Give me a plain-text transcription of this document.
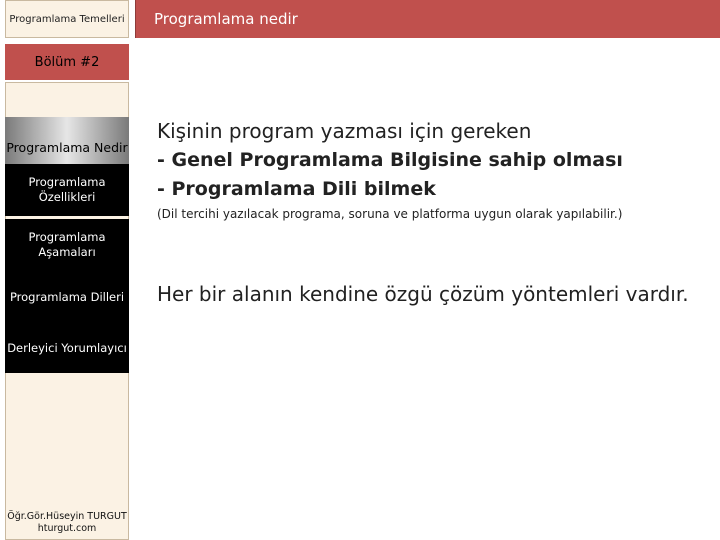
Programlama Temelleri Programlama nedir
Bölüm #2
Programlama Nedir
Programlama Özellikleri
Programlama Aşamaları
Programlama Dilleri
Derleyici Yorumlayıcı
Öğr.Gör.Hüseyin TURGUT
hturgut.com
Kişinin program yazması için gereken
- Genel Programlama Bilgisine sahip olması
- Programlama Dili bilmek
(Dil tercihi yazılacak programa, soruna ve platforma uygun olarak yapılabilir.)
Her bir alanın kendine özgü çözüm yöntemleri vardır.
